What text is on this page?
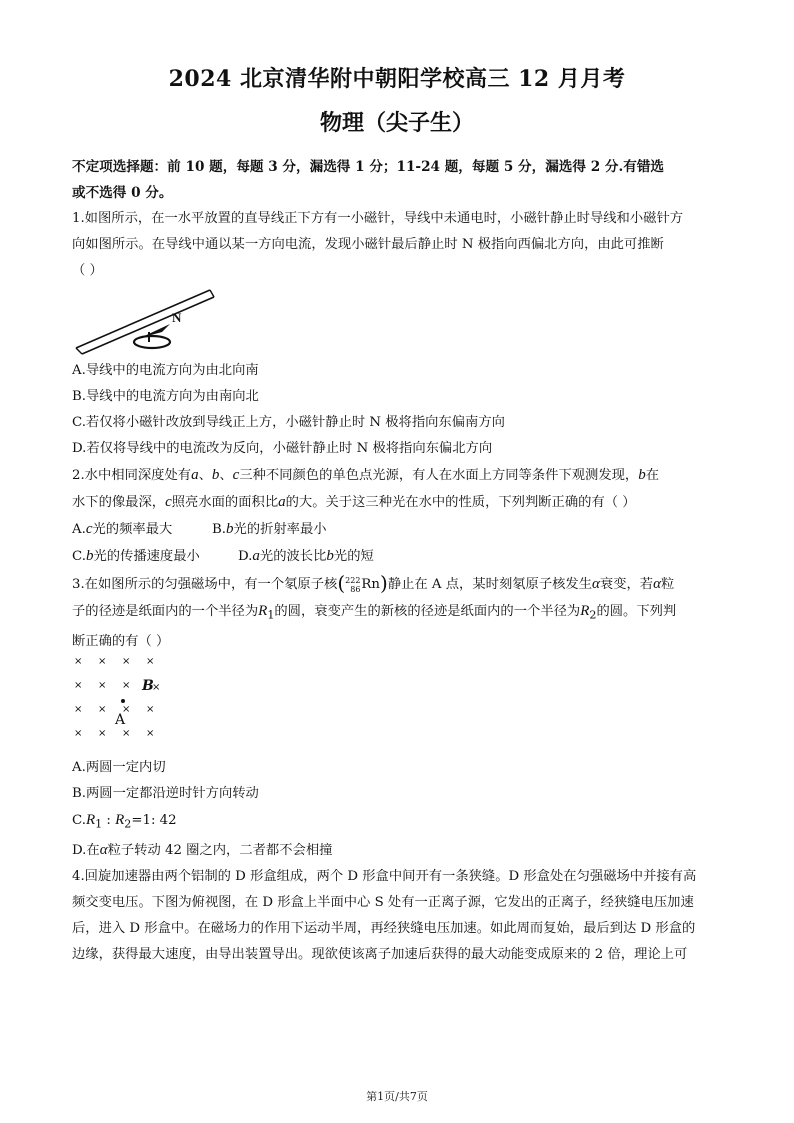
2024 北京清华附中朝阳学校高三 12 月月考
物理（尖子生）

不定项选择题：前 10 题，每题 3 分，漏选得 1 分；11-24 题，每题 5 分，漏选得 2 分.有错选

或不选得 0 分。

1.如图所示，在一水平放置的直导线正下方有一小磁针，导线中未通电时，小磁针静止时导线和小磁针方

向如图所示。在导线中通以某一方向电流，发现小磁针最后静止时 N 极指向西偏北方向，由此可推断

（ ）

N

A.导线中的电流方向为由北向南

B.导线中的电流方向为由南向北

C.若仅将小磁针改放到导线正上方，小磁针静止时 N 极将指向东偏南方向

D.若仅将导线中的电流改为反向，小磁针静止时 N 极将指向东偏北方向

2.水中相同深度处有a、b、c三种不同颜色的单色点光源，有人在水面上方同等条件下观测发现，b在

水下的像最深，c照亮水面的面积比a的大。关于这三种光在水中的性质，下列判断正确的有（ ）

A.c光的频率最大	B.b光的折射率最小

C.b光的传播速度最小	D.a光的波长比b光的短

3.在如图所示的匀强磁场中，有一个氡原子核(222
86Rn)静止在 A 点，某时刻氡原子核发生α衰变，若α粒

子的径迹是纸面内的一个半径为$R_1$的圆，衰变产生的新核的径迹是纸面内的一个半径为$R_2$的圆。下列判

断正确的有（ ）

B
A
× × × ×
× × ×
× × × ×
× × × ×
×

A.两圆一定内切

B.两圆一定都沿逆时针方向转动

$C.R_1$ : $R_2=1$: 42

D.在α粒子转动 42 圈之内，二者都不会相撞

4.回旋加速器由两个铝制的 D 形盒组成，两个 D 形盒中间开有一条狭缝。D 形盒处在匀强磁场中并接有高

频交变电压。下图为俯视图，在 D 形盒上半面中心 S 处有一正离子源，它发出的正离子，经狭缝电压加速

后，进入 D 形盒中。在磁场力的作用下运动半周，再经狭缝电压加速。如此周而复始，最后到达 D 形盒的

边缘，获得最大速度，由导出装置导出。现欲使该离子加速后获得的最大动能变成原来的 2 倍，理论上可

第1页/共7页
